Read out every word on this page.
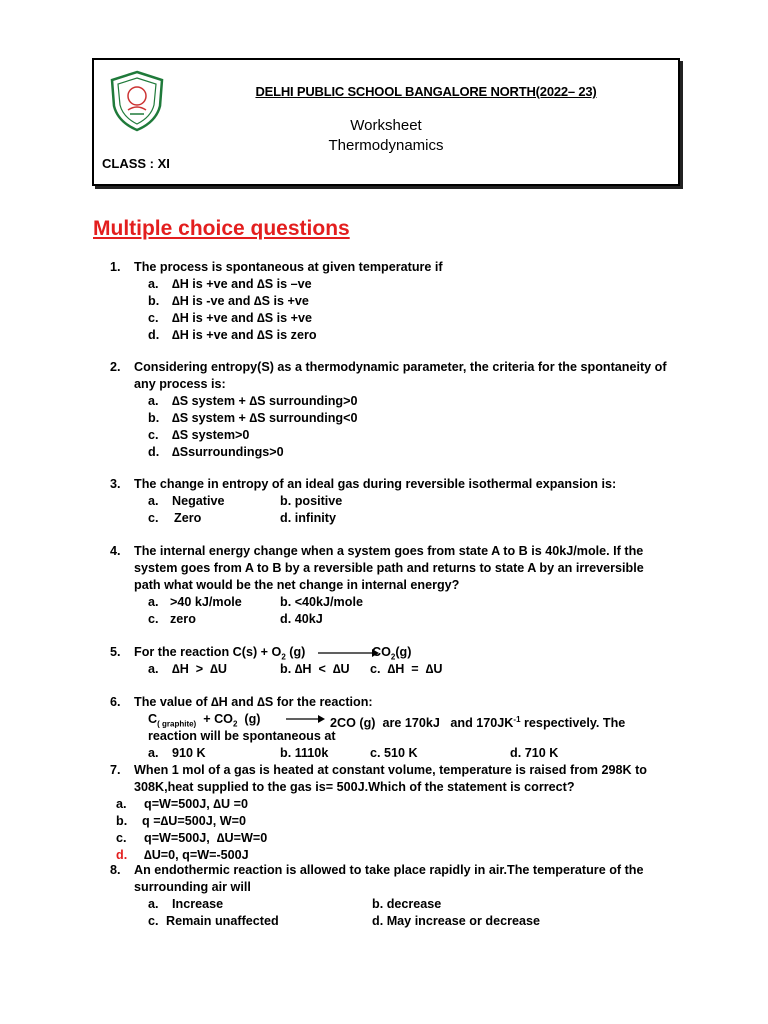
DELHI PUBLIC SCHOOL BANGALORE NORTH(2022– 23)
Worksheet
Thermodynamics
CLASS : XI
Multiple choice questions
1. The process is spontaneous at given temperature if
a. ∆H is +ve and ∆S is –ve
b. ∆H is -ve and ∆S is +ve
c. ∆H is +ve and ∆S is +ve
d. ∆H is +ve and ∆S is zero
2. Considering entropy(S) as a thermodynamic parameter, the criteria for the spontaneity of
any process is:
a. ∆S system + ∆S surrounding>0
b. ∆S system + ∆S surrounding<0
c. ∆S system>0
d. ∆Ssurroundings>0
3. The change in entropy of an ideal gas during reversible isothermal expansion is:
a. Negative	b. positive
c. Zero	d. infinity
4. The internal energy change when a system goes from state A to B is 40kJ/mole. If the
system goes from A to B by a reversible path and returns to state A by an irreversible
path what would be the net change in internal energy?
a. >40 kJ/mole	b. <40kJ/mole
c. zero	d. 40kJ
5. For the reaction $C(s) + O_2$ (g)	$CO_2(g)$
a. ∆H  >  ∆U	b. ∆H  <  ∆U c.  ∆H  =  ∆U
6. The value of ∆H and ∆S for the reaction:
$C_{( graphite)} + CO_2$  (g)	2CO (g)  are 170kJ   and $170JK^{-1}$ respectively. The
reaction will be spontaneous at
a. 910 K	b. 1110k	c. 510 K	d. 710 K
7. When 1 mol of a gas is heated at constant volume, temperature is raised from 298K to
308K,heat supplied to the gas is= 500J.Which of the statement is correct?
a. q=W=500J, ∆U =0
b. q =∆U=500J, W=0
c. q=W=500J,  ∆U=W=0
d. ∆U=0, q=W=-500J
8. An endothermic reaction is allowed to take place rapidly in air.The temperature of the
surrounding air will
a. Increase	b. decrease
c. Remain unaffected	d. May increase or decrease
